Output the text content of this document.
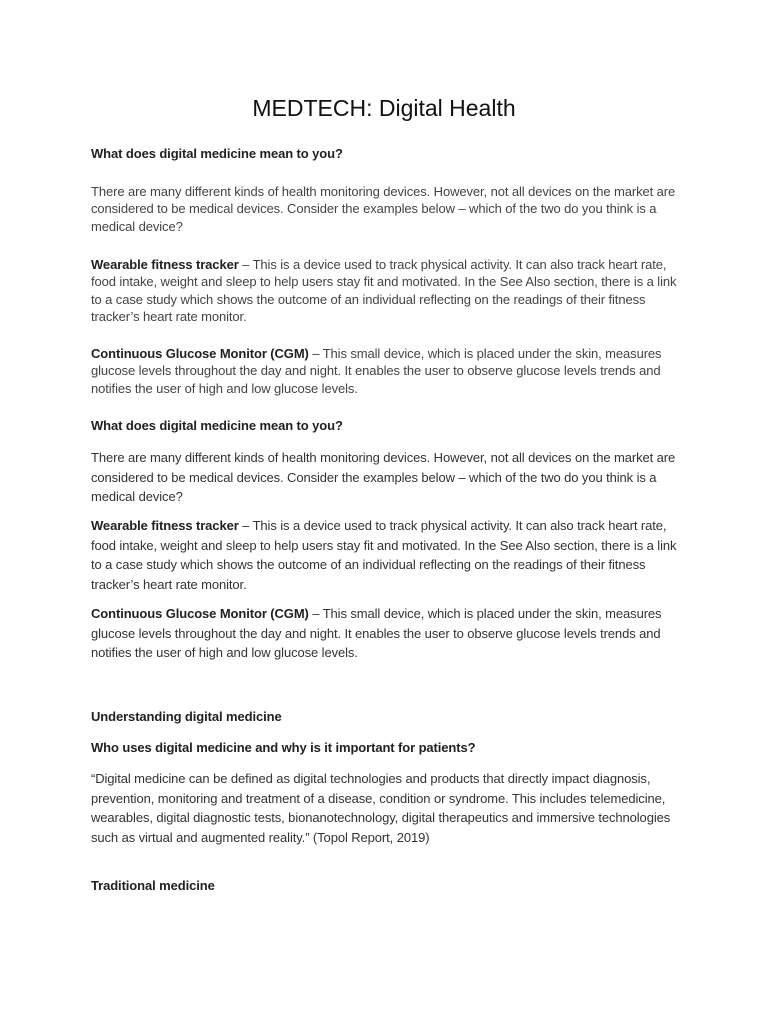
MEDTECH: Digital Health

What does digital medicine mean to you?

There are many different kinds of health monitoring devices. However, not all devices on the market are considered to be medical devices. Consider the examples below – which of the two do you think is a medical device?

Wearable fitness tracker – This is a device used to track physical activity. It can also track heart rate, food intake, weight and sleep to help users stay fit and motivated. In the See Also section, there is a link to a case study which shows the outcome of an individual reflecting on the readings of their fitness tracker’s heart rate monitor.

Continuous Glucose Monitor (CGM) – This small device, which is placed under the skin, measures glucose levels throughout the day and night. It enables the user to observe glucose levels trends and notifies the user of high and low glucose levels.

What does digital medicine mean to you?

There are many different kinds of health monitoring devices. However, not all devices on the market are considered to be medical devices. Consider the examples below – which of the two do you think is a medical device?

Wearable fitness tracker – This is a device used to track physical activity. It can also track heart rate, food intake, weight and sleep to help users stay fit and motivated. In the See Also section, there is a link to a case study which shows the outcome of an individual reflecting on the readings of their fitness tracker’s heart rate monitor.

Continuous Glucose Monitor (CGM) – This small device, which is placed under the skin, measures glucose levels throughout the day and night. It enables the user to observe glucose levels trends and notifies the user of high and low glucose levels.

Understanding digital medicine

Who uses digital medicine and why is it important for patients?

“Digital medicine can be defined as digital technologies and products that directly impact diagnosis, prevention, monitoring and treatment of a disease, condition or syndrome. This includes telemedicine, wearables, digital diagnostic tests, bionanotechnology, digital therapeutics and immersive technologies such as virtual and augmented reality.” (Topol Report, 2019)

Traditional medicine
